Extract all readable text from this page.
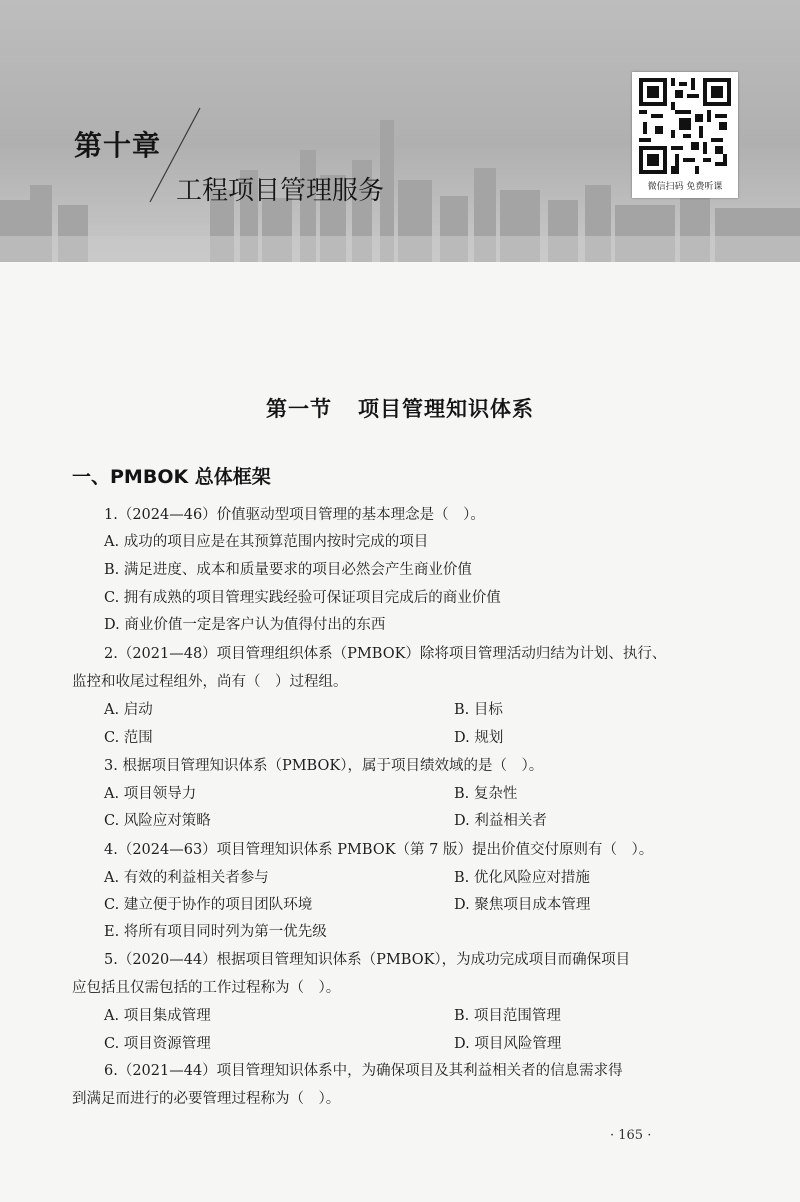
第十章
工程项目管理服务	微信扫码 免费听课
第一节 项目管理知识体系
一、PMBOK 总体框架
1.（2024—46）价值驱动型项目管理的基本理念是（　）。
A. 成功的项目应是在其预算范围内按时完成的项目
B. 满足进度、成本和质量要求的项目必然会产生商业价值
C. 拥有成熟的项目管理实践经验可保证项目完成后的商业价值
D. 商业价值一定是客户认为值得付出的东西
2.（2021—48）项目管理组织体系（PMBOK）除将项目管理活动归结为计划、执行、
监控和收尾过程组外，尚有（　）过程组。
A. 启动	B. 目标
C. 范围	D. 规划
3. 根据项目管理知识体系（PMBOK），属于项目绩效域的是（　）。
A. 项目领导力	B. 复杂性
C. 风险应对策略	D. 利益相关者
4.（2024—63）项目管理知识体系 PMBOK（第 7 版）提出价值交付原则有（　）。
A. 有效的利益相关者参与	B. 优化风险应对措施
C. 建立便于协作的项目团队环境	D. 聚焦项目成本管理
E. 将所有项目同时列为第一优先级
5.（2020—44）根据项目管理知识体系（PMBOK），为成功完成项目而确保项目
应包括且仅需包括的工作过程称为（　）。
A. 项目集成管理	B. 项目范围管理
C. 项目资源管理	D. 项目风险管理
6.（2021—44）项目管理知识体系中，为确保项目及其利益相关者的信息需求得
到满足而进行的必要管理过程称为（　）。
· 165 ·
